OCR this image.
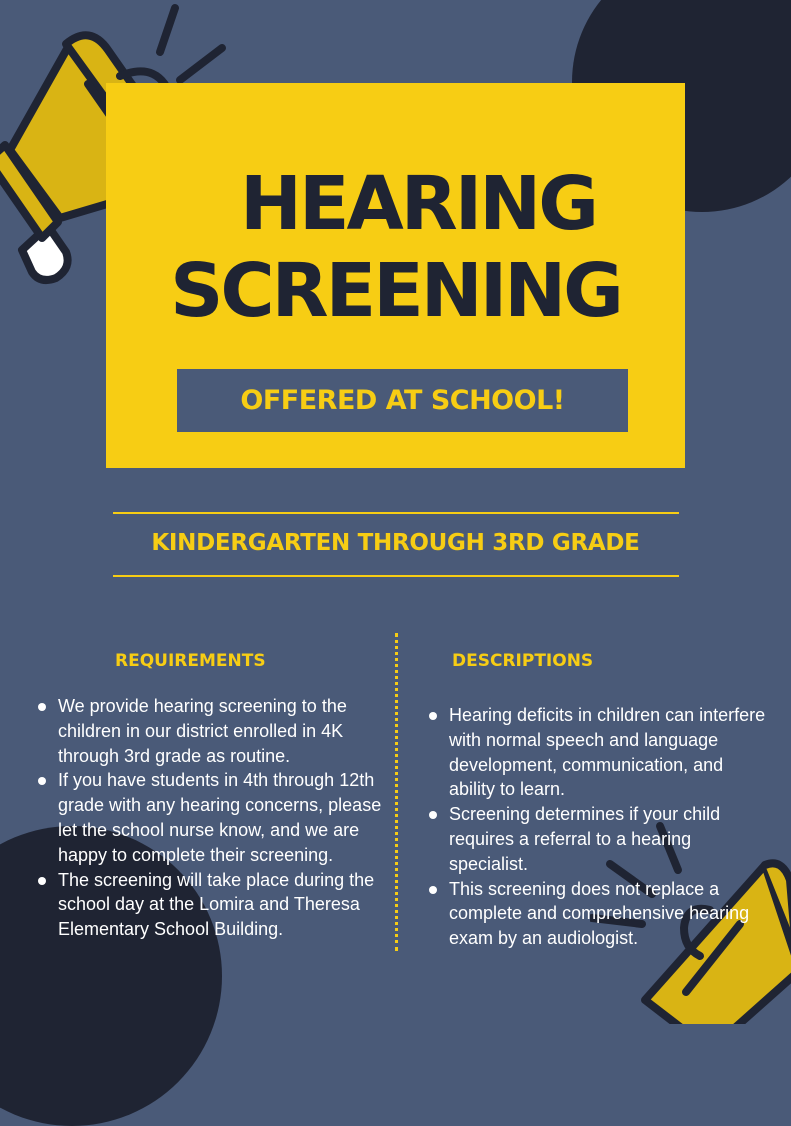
HEARING
SCREENING
OFFERED AT SCHOOL!
KINDERGARTEN THROUGH 3RD GRADE
REQUIREMENTS	DESCRIPTIONS
We provide hearing screening to the children in our district enrolled in 4K through 3rd grade as routine.
If you have students in 4th through 12th grade with any hearing concerns, please let the school nurse know, and we are happy to complete their screening.
The screening will take place during the school day at the Lomira and Theresa Elementary School Building.
Hearing deficits in children can interfere with normal speech and language development, communication, and ability to learn.
Screening determines if your child requires a referral to a hearing specialist.
This screening does not replace a complete and comprehensive hearing exam by an audiologist.
